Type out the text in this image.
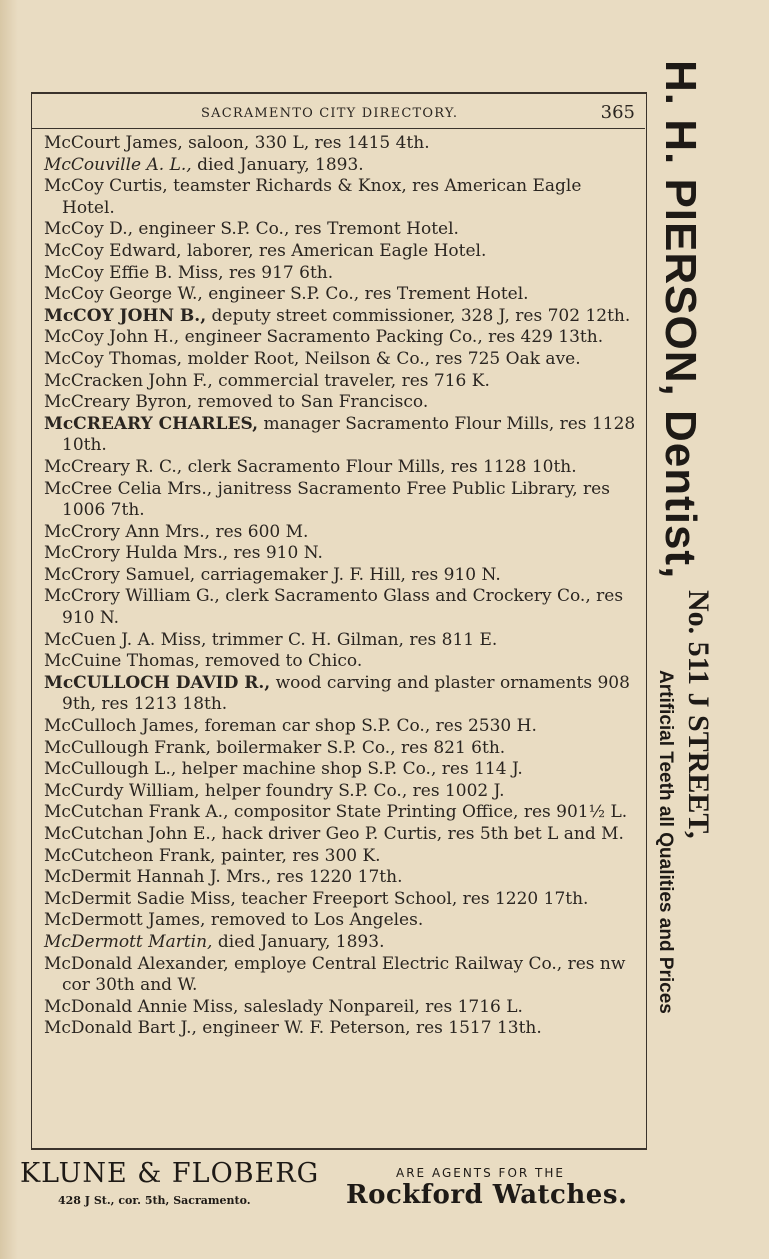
SACRAMENTO CITY DIRECTORY.	365

McCourt James, saloon, 330 L, res 1415 4th.

McCouville A. L., died January, 1893.

McCoy Curtis, teamster Richards & Knox, res American Eagle Hotel.

McCoy D., engineer S.P. Co., res Tremont Hotel.

McCoy Edward, laborer, res American Eagle Hotel.

McCoy Effie B. Miss, res 917 6th.

McCoy George W., engineer S.P. Co., res Trement Hotel.

McCOY JOHN B., deputy street commissioner, 328 J, res 702 12th.

McCoy John H., engineer Sacramento Packing Co., res 429 13th.

McCoy Thomas, molder Root, Neilson & Co., res 725 Oak ave.

McCracken John F., commercial traveler, res 716 K.

McCreary Byron, removed to San Francisco.

McCREARY CHARLES, manager Sacramento Flour Mills, res 1128 10th.

McCreary R. C., clerk Sacramento Flour Mills, res 1128 10th.

McCree Celia Mrs., janitress Sacramento Free Public Library, res 1006 7th.

McCrory Ann Mrs., res 600 M.

McCrory Hulda Mrs., res 910 N.

McCrory Samuel, carriagemaker J. F. Hill, res 910 N.

McCrory William G., clerk Sacramento Glass and Crockery Co., res 910 N.

McCuen J. A. Miss, trimmer C. H. Gilman, res 811 E.

McCuine Thomas, removed to Chico.

McCULLOCH DAVID R., wood carving and plaster ornaments 908 9th, res 1213 18th.

McCulloch James, foreman car shop S.P. Co., res 2530 H.

McCullough Frank, boilermaker S.P. Co., res 821 6th.

McCullough L., helper machine shop S.P. Co., res 114 J.

McCurdy William, helper foundry S.P. Co., res 1002 J.

McCutchan Frank A., compositor State Printing Office, res 901½ L.

McCutchan John E., hack driver Geo P. Curtis, res 5th bet L and M.

McCutcheon Frank, painter, res 300 K.

McDermit Hannah J. Mrs., res 1220 17th.

McDermit Sadie Miss, teacher Freeport School, res 1220 17th.

McDermott James, removed to Los Angeles.

McDermott Martin, died January, 1893.

McDonald Alexander, employe Central Electric Railway Co., res nw cor 30th and W.

McDonald Annie Miss, saleslady Nonpareil, res 1716 L.

McDonald Bart J., engineer W. F. Peterson, res 1517 13th.

H. H. PIERSON, Dentist,
No. 511 J STREET,
Artificial Teeth all Qualities and Prices
KLUNE & FLOBERG
428 J St., cor. 5th, Sacramento.
ARE AGENTS FOR THE
Rockford Watches.
